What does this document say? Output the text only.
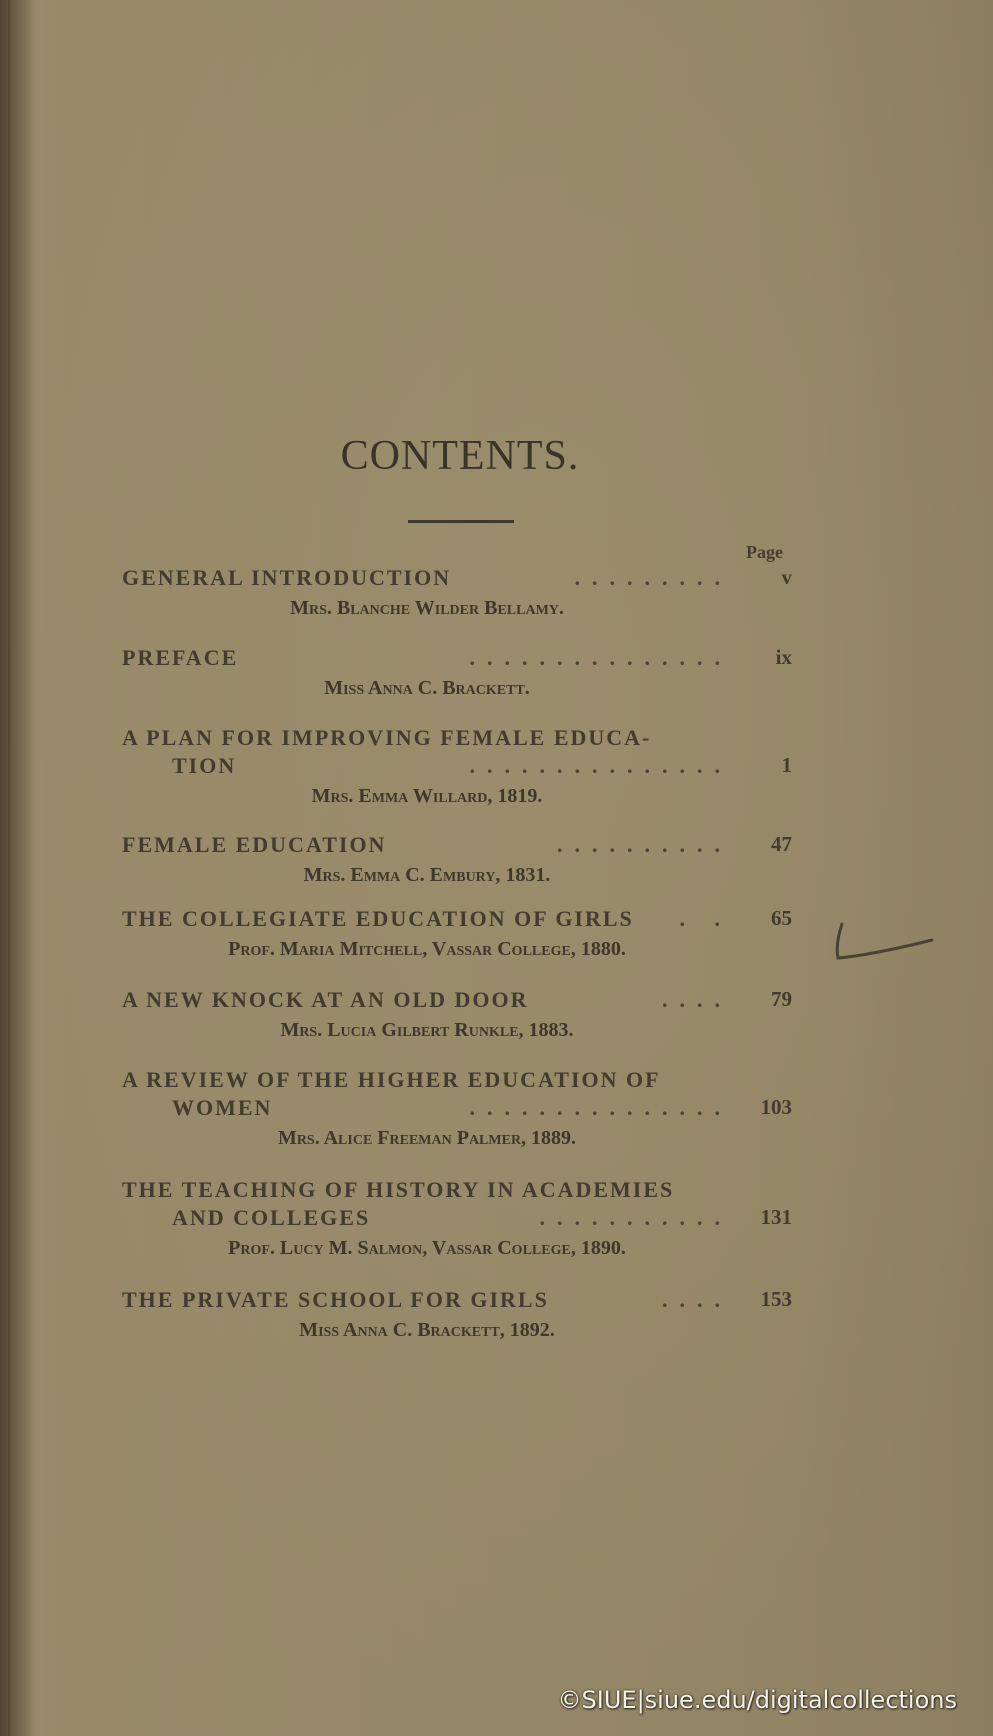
CONTENTS.
Page
GENERAL INTRODUCTION	.........	v
Mrs. Blanche Wilder Bellamy.
PREFACE	...............	ix
Miss Anna C. Brackett.
A PLAN FOR IMPROVING FEMALE EDUCA-
TION	...............	1
Mrs. Emma Willard, 1819.
FEMALE EDUCATION	..........	47
Mrs. Emma C. Embury, 1831.
THE COLLEGIATE EDUCATION OF GIRLS . .	65
Prof. Maria Mitchell, Vassar College, 1880.
A NEW KNOCK AT AN OLD DOOR	....	79
Mrs. Lucia Gilbert Runkle, 1883.
A REVIEW OF THE HIGHER EDUCATION OF
WOMEN	...............	103
Mrs. Alice Freeman Palmer, 1889.
THE TEACHING OF HISTORY IN ACADEMIES
AND COLLEGES	...........	131
Prof. Lucy M. Salmon, Vassar College, 1890.
THE PRIVATE SCHOOL FOR GIRLS	....	153
Miss Anna C. Brackett, 1892.
©SIUE|siue.edu/digitalcollections
